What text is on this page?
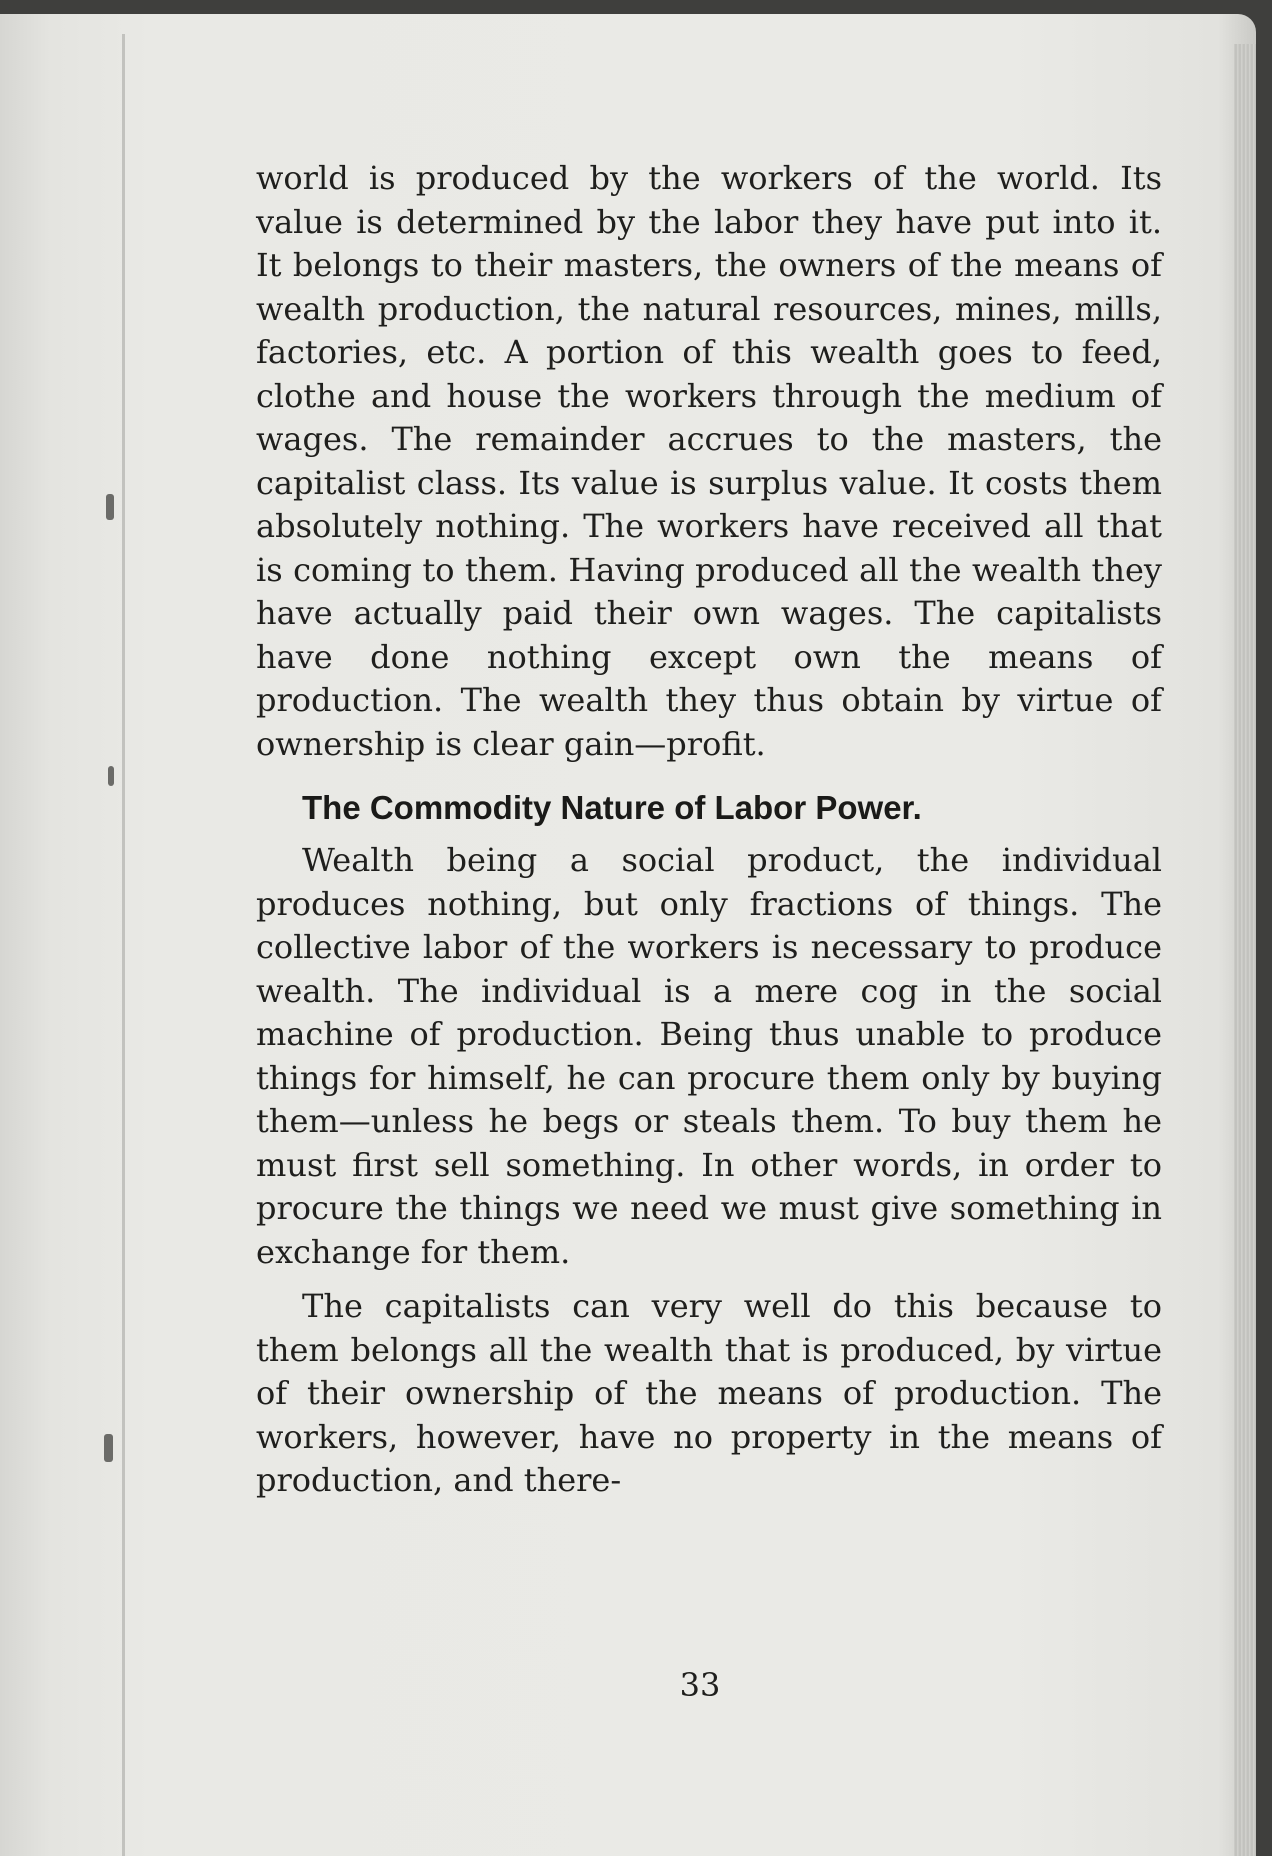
world is produced by the workers of the world. Its value is determined by the labor they have put into it. It belongs to their masters, the owners of the means of wealth production, the natural resources, mines, mills, factories, etc. A portion of this wealth goes to feed, clothe and house the workers through the medium of wages. The remainder accrues to the masters, the capitalist class. Its value is surplus value. It costs them absolutely nothing. The workers have received all that is coming to them. Having produced all the wealth they have actually paid their own wages. The capitalists have done nothing except own the means of production. The wealth they thus obtain by virtue of ownership is clear gain—profit.

The Commodity Nature of Labor Power.

Wealth being a social product, the individual produces nothing, but only fractions of things. The collective labor of the workers is necessary to produce wealth. The individual is a mere cog in the social machine of production. Being thus unable to produce things for himself, he can procure them only by buying them—unless he begs or steals them. To buy them he must first sell something. In other words, in order to procure the things we need we must give something in exchange for them.

The capitalists can very well do this because to them belongs all the wealth that is produced, by virtue of their ownership of the means of production. The workers, however, have no property in the means of production, and there-

33
